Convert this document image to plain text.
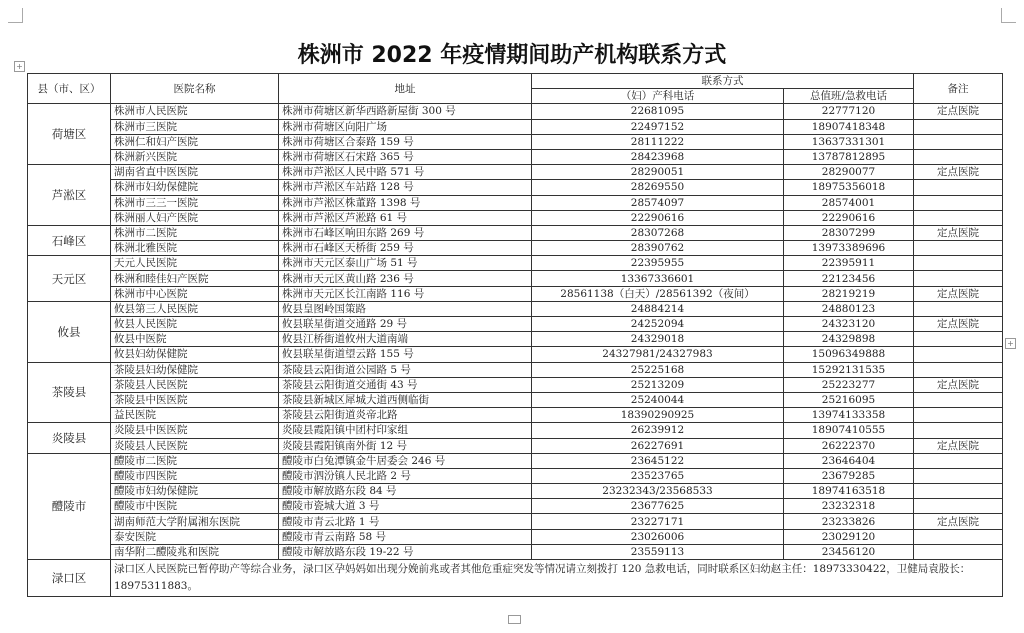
+
+
株洲市 2022 年疫情期间助产机构联系方式
县（市、区）	医院名称	地址	联系方式		备注
			（妇）产科电话	总值班/急救电话	
荷塘区	株洲市人民医院	株洲市荷塘区新华西路新屋街 300 号	22681095	22777120	定点医院
	株洲市三医院	株洲市荷塘区向阳广场	22497152	18907418348	
	株洲仁和妇产医院	株洲市荷塘区合泰路 159 号	28111222	13637331301	
	株洲新兴医院	株洲市荷塘区石宋路 365 号	28423968	13787812895	
芦淞区	湖南省直中医医院	株洲市芦淞区人民中路 571 号	28290051	28290077	定点医院
	株洲市妇幼保健院	株洲市芦淞区车站路 128 号	28269550	18975356018	
	株洲市三三一医院	株洲市芦淞区株董路 1398 号	28574097	28574001	
	株洲丽人妇产医院	株洲市芦淞区芦淞路 61 号	22290616	22290616	
石峰区	株洲市二医院	株洲市石峰区响田东路 269 号	28307268	28307299	定点医院
	株洲北雅医院	株洲市石峰区天桥街 259 号	28390762	13973389696	
天元区	天元人民医院	株洲市天元区泰山广场 51 号	22395955	22395911	
	株洲和睦佳妇产医院	株洲市天元区黄山路 236 号	13367336601	22123456	
	株洲市中心医院	株洲市天元区长江南路 116 号	28561138（白天）/28561392（夜间）	28219219	定点医院
攸县	攸县第三人民医院	攸县皇图岭国策路	24884214	24880123	
	攸县人民医院	攸县联星街道交通路 29 号	24252094	24323120	定点医院
	攸县中医院	攸县江桥街道攸州大道南端	24329018	24329898	
	攸县妇幼保健院	攸县联星街道望云路 155 号	24327981/24327983	15096349888	
茶陵县	茶陵县妇幼保健院	茶陵县云阳街道公园路 5 号	25225168	15292131535	
	茶陵县人民医院	茶陵县云阳街道交通街 43 号	25213209	25223277	定点医院
	茶陵县中医医院	茶陵县新城区犀城大道西侧临街	25240044	25216095	
	益民医院	茶陵县云阳街道炎帝北路	18390290925	13974133358	
炎陵县	炎陵县中医医院	炎陵县霞阳镇中团村印家组	26239912	18907410555	
	炎陵县人民医院	炎陵县霞阳镇南外街 12 号	26227691	26222370	定点医院
醴陵市	醴陵市二医院	醴陵市白兔潭镇金牛居委会 246 号	23645122	23646404	
	醴陵市四医院	醴陵市泗汾镇人民北路 2 号	23523765	23679285	
	醴陵市妇幼保健院	醴陵市解放路东段 84 号	23232343/23568533	18974163518	
	醴陵市中医院	醴陵市瓷城大道 3 号	23677625	23232318	
	湖南师范大学附属湘东医院	醴陵市青云北路 1 号	23227171	23233826	定点医院
	泰安医院	醴陵市青云南路 58 号	23026006	23029120	
	南华附二醴陵兆和医院	醴陵市解放路东段 19-22 号	23559113	23456120	
渌口区	渌口区人民医院已暂停助产等综合业务，渌口区孕妈妈如出现分娩前兆或者其他危重症突发等情况请立刻拨打 120 急救电话，同时联系区妇幼赵主任：18973330422，卫健局袁股长：18975311883。				
